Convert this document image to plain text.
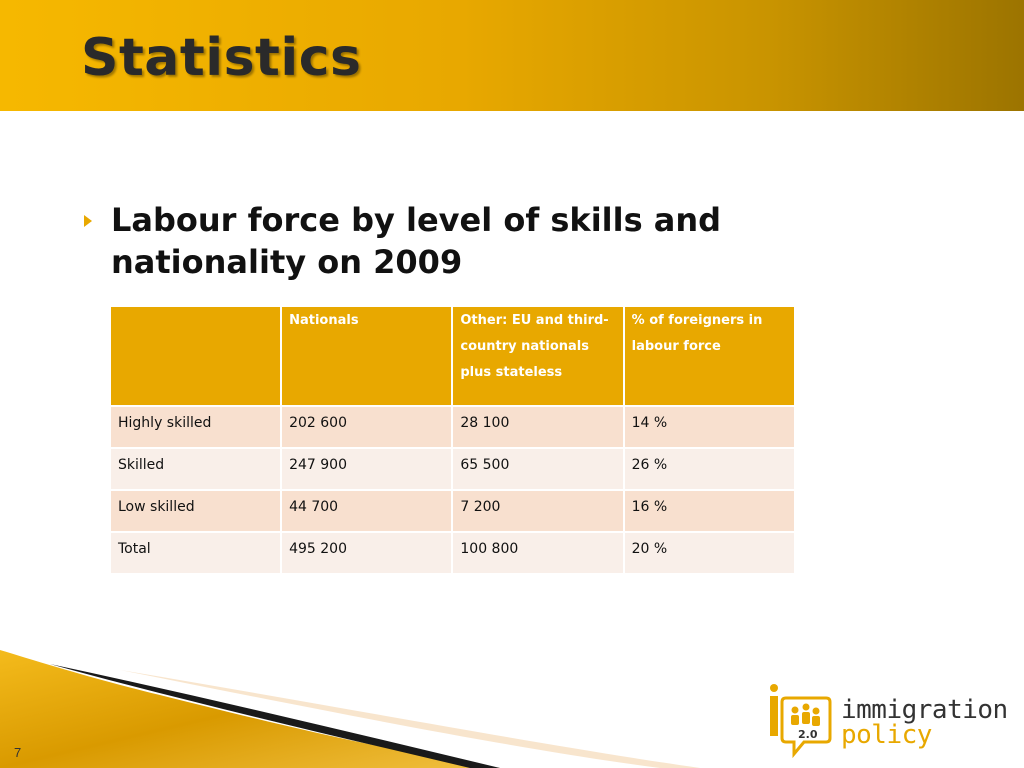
Statistics
Labour force by level of skills and nationality on 2009
	Nationals	Other: EU and third-country nationals plus stateless	% of foreigners in labour force
Highly skilled	202 600	28 100	14 %
Skilled	247 900	65 500	26 %
Low skilled	44 700	7 200	16 %
Total	495 200	100 800	20 %
7
2.0
immigration
policy
